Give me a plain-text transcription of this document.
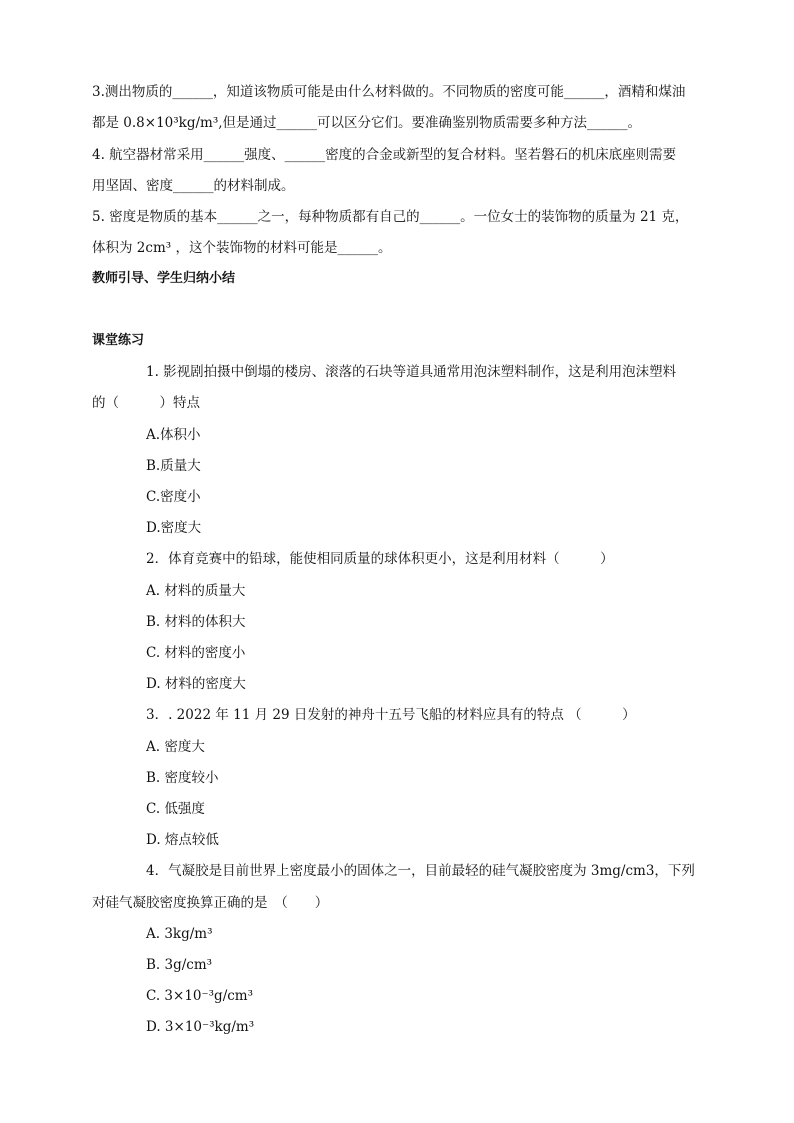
3.测出物质的______，知道该物质可能是由什么材料做的。不同物质的密度可能______，酒精和煤油
都是 0.8×10³kg/m³,但是通过______可以区分它们。要准确鉴别物质需要多种方法______。
4. 航空器材常采用______强度、______密度的合金或新型的复合材料。坚若磐石的机床底座则需要
用坚固、密度______的材料制成。
5. 密度是物质的基本______之一，每种物质都有自己的______。一位女士的装饰物的质量为 21 克，
体积为 2cm³ ，这个装饰物的材料可能是______。
教师引导、学生归纳小结
课堂练习
1. 影视剧拍摄中倒塌的楼房、滚落的石块等道具通常用泡沫塑料制作，这是利用泡沫塑料
的（　　　）特点
A.体积小
B.质量大
C.密度小
D.密度大
2．体育竞赛中的铅球，能使相同质量的球体积更小，这是利用材料（　　　）
A. 材料的质量大
B. 材料的体积大
C. 材料的密度小
D. 材料的密度大
3．. 2022 年 11 月 29 日发射的神舟十五号飞船的材料应具有的特点 （　　　）
A. 密度大
B. 密度较小
C. 低强度
D. 熔点较低
4．气凝胶是目前世界上密度最小的固体之一，目前最轻的硅气凝胶密度为 3mg/cm3，下列
对硅气凝胶密度换算正确的是　（　　）
A. 3kg/m³
B. 3g/cm³
C. 3×10⁻³g/cm³
D. 3×10⁻³kg/m³
